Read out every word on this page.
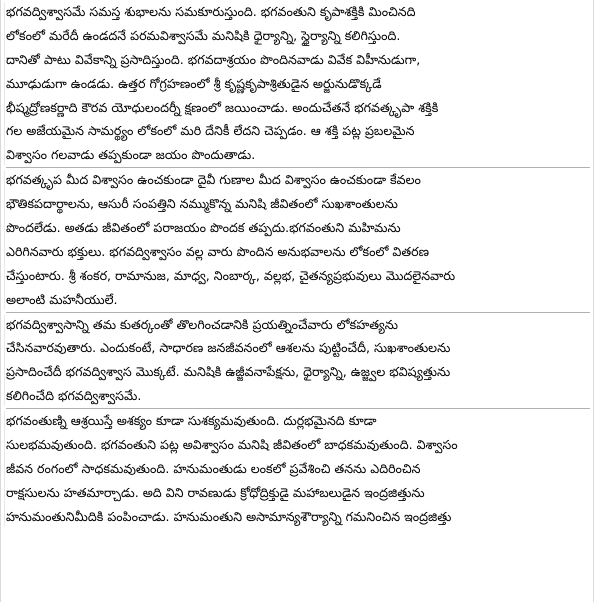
భగవద్విశ్వాసమే సమస్త శుభాలను సమకూరుస్తుంది. భగవంతుని కృపాశక్తికి మించినది
లోకంలో మరేదీ ఉండదనే పరమవిశ్వాసమే మనిషికి ధైర్యాన్ని, స్థైర్యాన్ని కలిగిస్తుంది.
దానితో పాటు వివేకాన్ని ప్రసాదిస్తుంది. భగవదాశ్రయం పొందినవాడు వివేక విహీనుడుగా,
మూఢుడుగా ఉండడు. ఉత్తర గోగ్రహణంలో శ్రీ కృష్ణకృపాశ్రితుడైన అర్జునుడొక్కడే
భీష్మద్రోణకర్ణాది కౌరవ యోధులందర్నీ క్షణంలో జయించాడు. అందుచేతనే భగవత్కృపా శక్తికి
గల అజేయమైన సామర్థ్యం లోకంలో మరి దేనికీ లేదని చెప్పడం. ఆ శక్తి పట్ల ప్రబలమైన
విశ్వాసం గలవాడు తప్పకుండా జయం పొందుతాడు.
భగవత్కృప మీద విశ్వాసం ఉంచకుండా దైవీ గుణాల మీద విశ్వాసం ఉంచకుండా కేవలం
భౌతికపదార్థాలను, ఆసురీ సంపత్తిని నమ్ముకొన్న మనిషి జీవితంలో సుఖశాంతులను
పొందలేడు. అతడు జీవితంలో పరాజయం పొందక తప్పదు.భగవంతుని మహిమను
ఎరిగినవారు భక్తులు. భగవద్విశ్వాసం వల్ల వారు పొందిన అనుభవాలను లోకంలో వితరణ
చేస్తుంటారు. శ్రీ శంకర, రామానుజ, మాధ్వ, నింబార్క, వల్లభ, చైతన్యప్రభువులు మొదలైనవారు
అలాంటి మహనీయులే.
భగవద్విశ్వాసాన్ని తమ కుతర్కంతో తొలగించడానికి ప్రయత్నించేవారు లోకహత్యను
చేసినవారవుతారు. ఎందుకంటే, సాధారణ జనజీవనంలో ఆశలను పుట్టించేదీ, సుఖశాంతులను
ప్రసాదించేదీ భగవద్విశ్వాస మొక్కటే. మనిషికి ఉజ్జీవనాపేక్షను, ధైర్యాన్ని, ఉజ్జ్వల భవిష్యత్తును
కలిగించేది భగవద్విశ్వాసమే.
భగవంతుణ్ని ఆశ్రయిస్తే అశక్యం కూడా సుశక్యమవుతుంది. దుర్లభమైనది కూడా
సులభమవుతుంది. భగవంతుని పట్ల అవిశ్వాసం మనిషి జీవితంలో బాధకమవుతుంది. విశ్వాసం
జీవన రంగంలో సాధకమవుతుంది. హనుమంతుడు లంకలో ప్రవేశించి తనను ఎదిరించిన
రాక్షసులను హతమార్చాడు. అది విని రావణుడు క్రోధోద్రిక్తుడై మహాబలుడైన ఇంద్రజిత్తును
హనుమంతునిమీదికి పంపించాడు. హనుమంతుని అసామాన్యశౌర్యాన్ని గమనించిన ఇంద్రజిత్తు
